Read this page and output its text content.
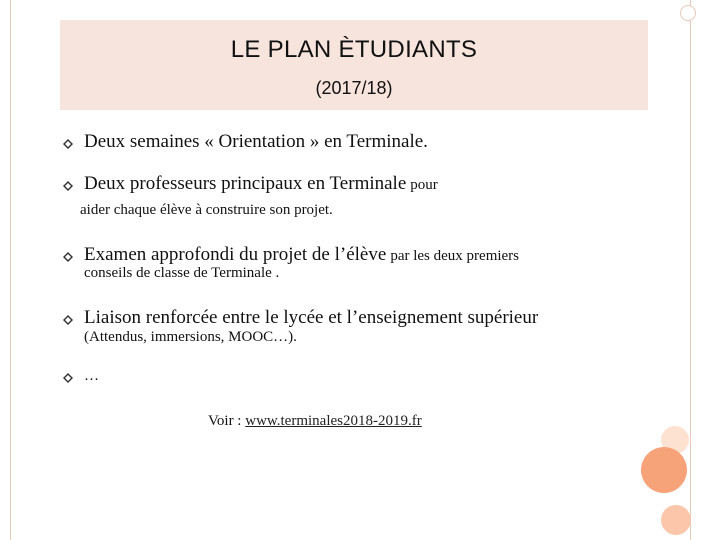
LE PLAN ÈTUDIANTS
(2017/18)
Deux semaines « Orientation » en Terminale.
Deux professeurs principaux en Terminale pour
aider chaque élève à construire son projet.
Examen approfondi du projet de l’élève par les deux premiers
conseils de classe de Terminale .
Liaison renforcée entre le lycée et l’enseignement supérieur
(Attendus, immersions, MOOC…).
…
Voir : www.terminales2018-2019.fr
